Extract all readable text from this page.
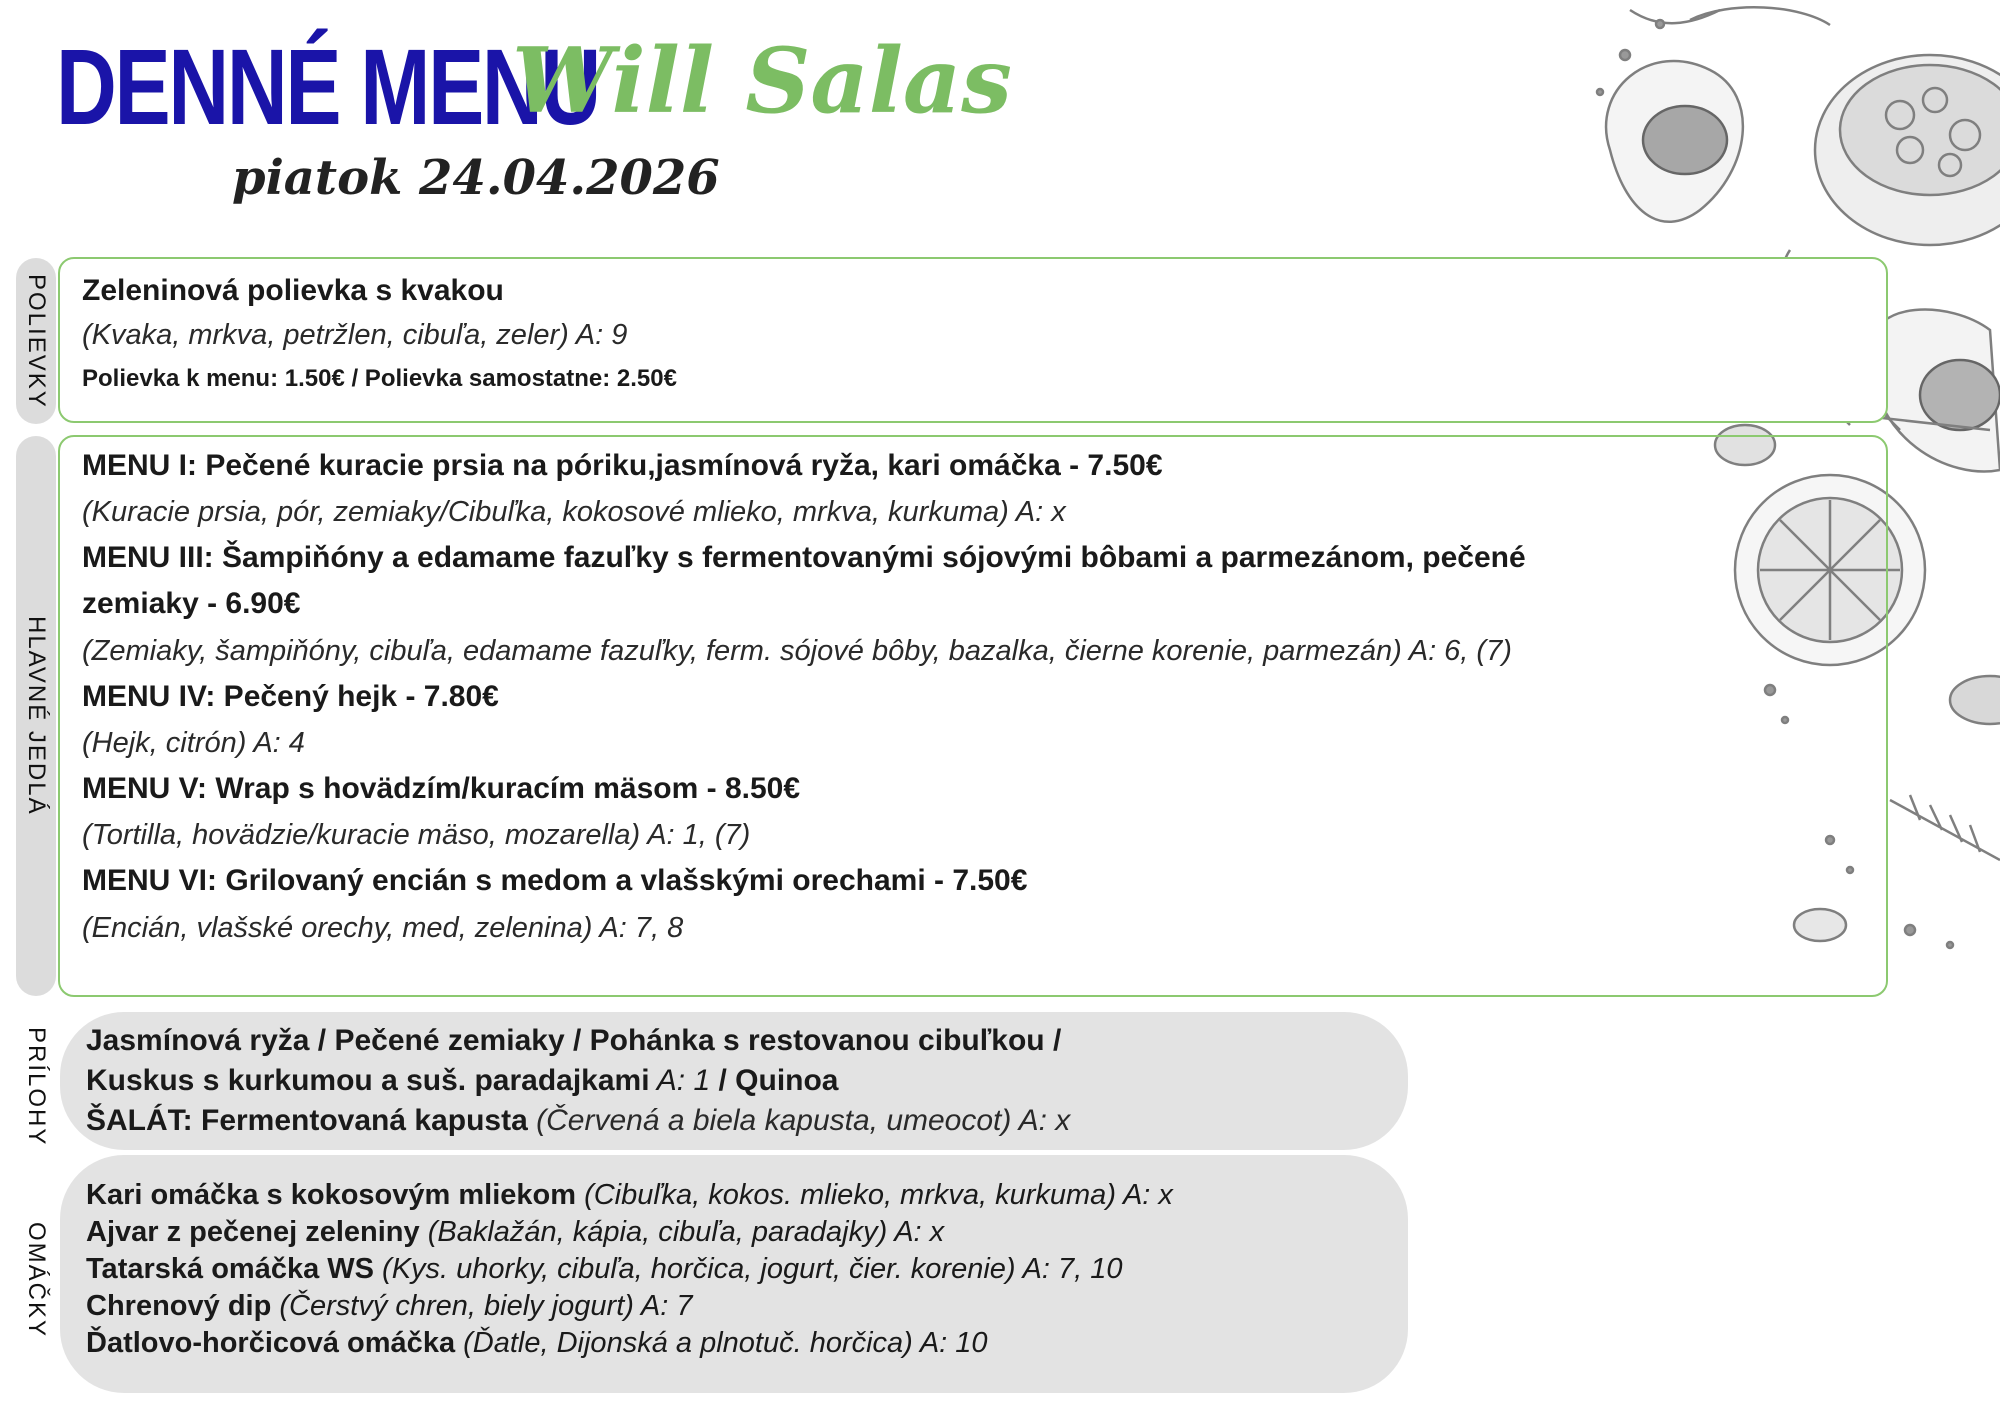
DENNÉ MENU
Will Salas
piatok 24.04.2026
POLIEVKY Zeleninová polievka s kvakou
(Kvaka, mrkva, petržlen, cibuľa, zeler) A: 9
Polievka k menu: 1.50€ / Polievka samostatne: 2.50€
HLAVNÉ JEDLÁ
MENU I: Pečené kuracie prsia na póriku,jasmínová ryža, kari omáčka - 7.50€
(Kuracie prsia, pór, zemiaky/Cibuľka, kokosové mlieko, mrkva, kurkuma) A: x
MENU III: Šampiňóny a edamame fazuľky s fermentovanými sójovými bôbami a parmezánom, pečené
zemiaky - 6.90€
(Zemiaky, šampiňóny, cibuľa, edamame fazuľky, ferm. sójové bôby, bazalka, čierne korenie, parmezán) A: 6, (7)
MENU IV: Pečený hejk - 7.80€
(Hejk, citrón) A: 4
MENU V: Wrap s hovädzím/kuracím mäsom - 8.50€
(Tortilla, hovädzie/kuracie mäso, mozarella) A: 1, (7)
MENU VI: Grilovaný encián s medom a vlašskými orechami - 7.50€
(Encián, vlašské orechy, med, zelenina) A: 7, 8
PRÍLOHY Jasmínová ryža / Pečené zemiaky / Pohánka s restovanou cibuľkou /
Kuskus s kurkumou a suš. paradajkami A: 1 / Quinoa
ŠALÁT: Fermentovaná kapusta (Červená a biela kapusta, umeocot) A: x
OMÁČKY
Kari omáčka s kokosovým mliekom (Cibuľka, kokos. mlieko, mrkva, kurkuma) A: x
Ajvar z pečenej zeleniny (Baklažán, kápia, cibuľa, paradajky) A: x
Tatarská omáčka WS (Kys. uhorky, cibuľa, horčica, jogurt, čier. korenie) A: 7, 10
Chrenový dip (Čerstvý chren, biely jogurt) A: 7
Ďatlovo-horčicová omáčka (Ďatle, Dijonská a plnotuč. horčica) A: 10
